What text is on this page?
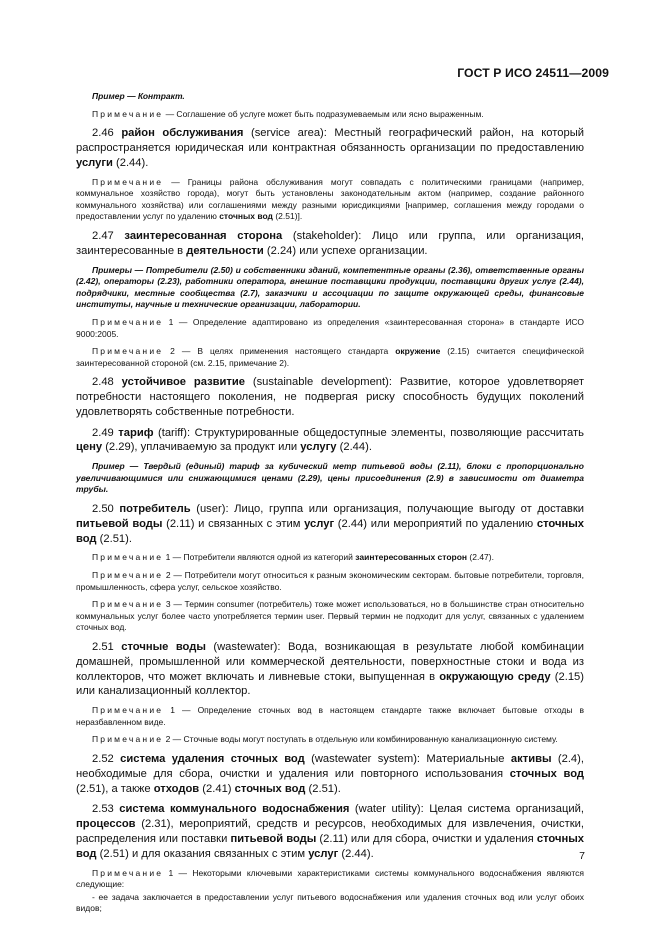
ГОСТ Р ИСО 24511—2009

Пример — Контракт.

Примечание — Соглашение об услуге может быть подразумеваемым или ясно выраженным.

2.46 район обслуживания (service area): Местный географический район, на который распространяется юридическая или контрактная обязанность организации по предоставлению услуги (2.44).

Примечание — Границы района обслуживания могут совпадать с политическими границами (например, коммунальное хозяйство города), могут быть установлены законодательным актом (например, создание районного коммунального хозяйства) или соглашениями между разными юрисдикциями [например, соглашения между городами о предоставлении услуг по удалению сточных вод (2.51)].

2.47 заинтересованная сторона (stakeholder): Лицо или группа, или организация, заинтересованные в деятельности (2.24) или успехе организации.

Примеры — Потребители (2.50) и собственники зданий, компетентные органы (2.36), ответственные органы (2.42), операторы (2.23), работники оператора, внешние поставщики продукции, поставщики других услуг (2.44), подрядчики, местные сообщества (2.7), заказчики и ассоциации по защите окружающей среды, финансовые институты, научные и технические организации, лаборатории.

Примечание 1 — Определение адаптировано из определения «заинтересованная сторона» в стандарте ИСО 9000:2005.

Примечание 2 — В целях применения настоящего стандарта окружение (2.15) считается специфической заинтересованной стороной (см. 2.15, примечание 2).

2.48 устойчивое развитие (sustainable development): Развитие, которое удовлетворяет потребности настоящего поколения, не подвергая риску способность будущих поколений удовлетворять собственные потребности.

2.49 тариф (tariff): Структурированные общедоступные элементы, позволяющие рассчитать цену (2.29), уплачиваемую за продукт или услугу (2.44).

Пример — Твердый (единый) тариф за кубический метр питьевой воды (2.11), блоки с пропорционально увеличивающимися или снижающимися ценами (2.29), цены присоединения (2.9) в зависимости от диаметра трубы.

2.50 потребитель (user): Лицо, группа или организация, получающие выгоду от доставки питьевой воды (2.11) и связанных с этим услуг (2.44) или мероприятий по удалению сточных вод (2.51).

Примечание 1 — Потребители являются одной из категорий заинтересованных сторон (2.47).

Примечание 2 — Потребители могут относиться к разным экономическим секторам. бытовые потребители, торговля, промышленность, сфера услуг, сельское хозяйство.

Примечание 3 — Термин consumer (потребитель) тоже может использоваться, но в большинстве стран относительно коммунальных услуг более часто употребляется термин user. Первый термин не подходит для услуг, связанных с удалением сточных вод.

2.51 сточные воды (wastewater): Вода, возникающая в результате любой комбинации домашней, промышленной или коммерческой деятельности, поверхностные стоки и вода из коллекторов, что может включать и ливневые стоки, выпущенная в окружающую среду (2.15) или канализационный коллектор.

Примечание 1 — Определение сточных вод в настоящем стандарте также включает бытовые отходы в неразбавленном виде.

Примечание 2 — Сточные воды могут поступать в отдельную или комбинированную канализационную систему.

2.52 система удаления сточных вод (wastewater system): Материальные активы (2.4), необходимые для сбора, очистки и удаления или повторного использования сточных вод (2.51), а также отходов (2.41) сточных вод (2.51).

2.53 система коммунального водоснабжения (water utility): Целая система организаций, процессов (2.31), мероприятий, средств и ресурсов, необходимых для извлечения, очистки, распределения или поставки питьевой воды (2.11) или для сбора, очистки и удаления сточных вод (2.51) и для оказания связанных с этим услуг (2.44).

Примечание 1 — Некоторыми ключевыми характеристиками системы коммунального водоснабжения являются следующие:

- ее задача заключается в предоставлении услуг питьевого водоснабжения или удаления сточных вод или услуг обоих видов;

7
